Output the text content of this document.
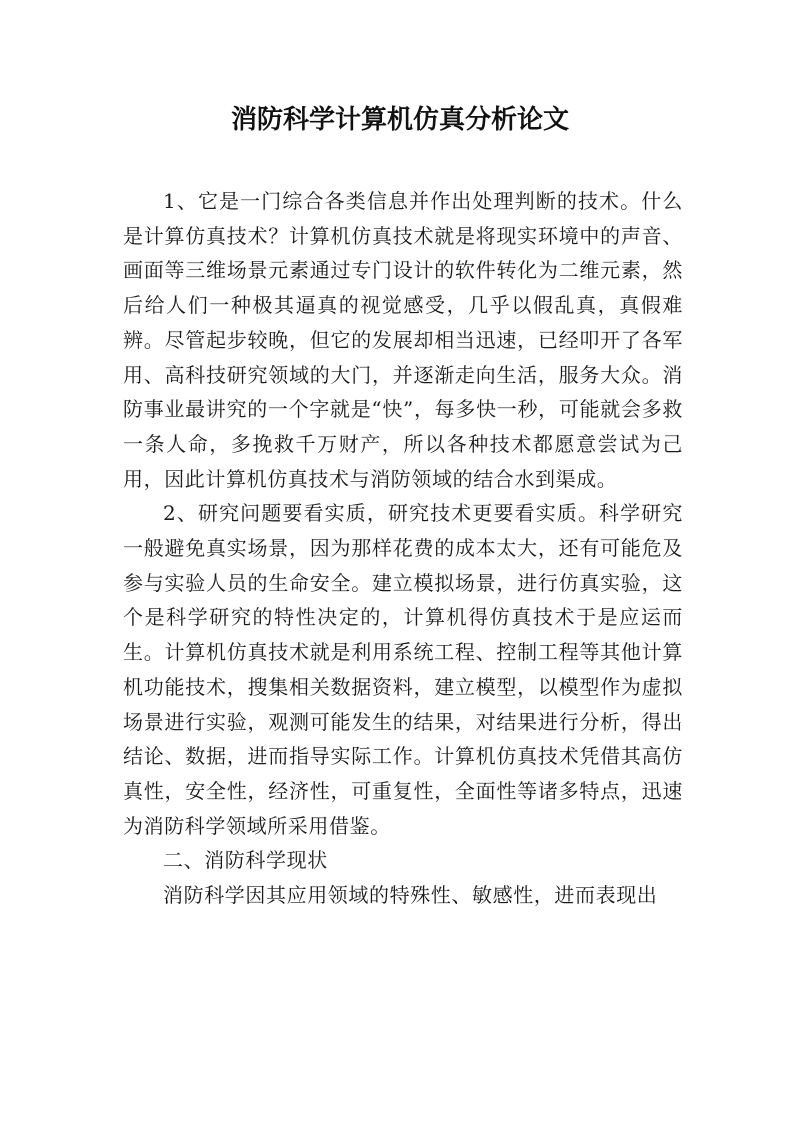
消防科学计算机仿真分析论文

1、它是一门综合各类信息并作出处理判断的技术。什么是计算仿真技术？计算机仿真技术就是将现实环境中的声音、画面等三维场景元素通过专门设计的软件转化为二维元素，然后给人们一种极其逼真的视觉感受，几乎以假乱真，真假难辨。尽管起步较晚，但它的发展却相当迅速，已经叩开了各军用、高科技研究领域的大门，并逐渐走向生活，服务大众。消防事业最讲究的一个字就是“快”，每多快一秒，可能就会多救一条人命，多挽救千万财产，所以各种技术都愿意尝试为己用，因此计算机仿真技术与消防领域的结合水到渠成。

2、研究问题要看实质，研究技术更要看实质。科学研究一般避免真实场景，因为那样花费的成本太大，还有可能危及参与实验人员的生命安全。建立模拟场景，进行仿真实验，这个是科学研究的特性决定的，计算机得仿真技术于是应运而生。计算机仿真技术就是利用系统工程、控制工程等其他计算机功能技术，搜集相关数据资料，建立模型，以模型作为虚拟场景进行实验，观测可能发生的结果，对结果进行分析，得出结论、数据，进而指导实际工作。计算机仿真技术凭借其高仿真性，安全性，经济性，可重复性，全面性等诸多特点，迅速为消防科学领域所采用借鉴。

二、消防科学现状

消防科学因其应用领域的特殊性、敏感性，进而表现出
